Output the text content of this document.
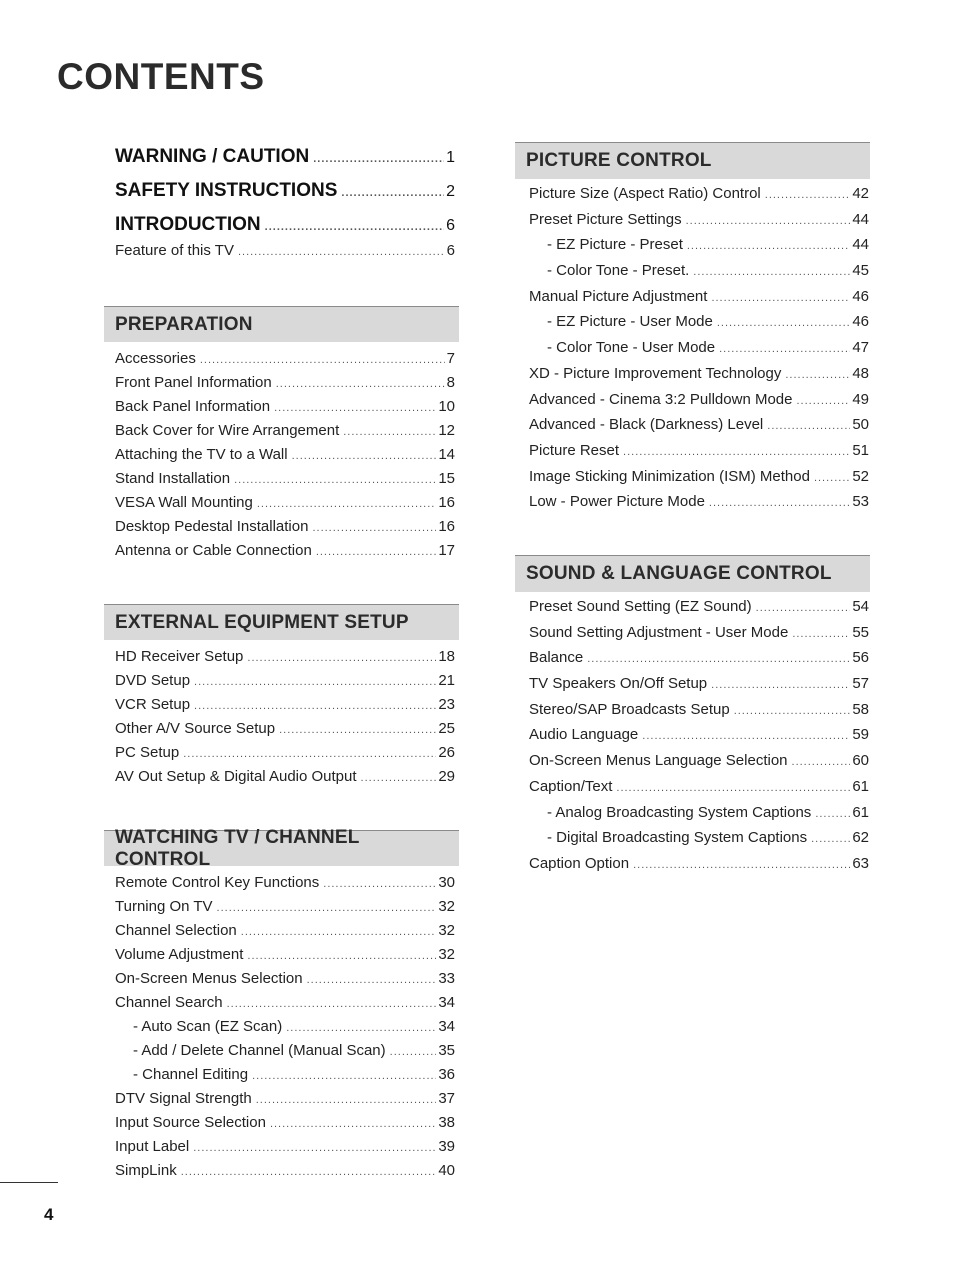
CONTENTS
WARNING / CAUTION .....	1
SAFETY INSTRUCTIONS .....	2
INTRODUCTION .....	6
Feature of this TV .....	6
PREPARATION
Accessories .....	7
Front Panel Information .....	8
Back Panel Information .....	10
Back Cover for Wire Arrangement .....	12
Attaching the TV to a Wall .....	14
Stand Installation .....	15
VESA Wall Mounting .....	16
Desktop Pedestal Installation .....	16
Antenna or Cable Connection .....	17
EXTERNAL EQUIPMENT SETUP
HD Receiver Setup .....	18
DVD Setup .....	21
VCR Setup .....	23
Other A/V Source Setup .....	25
PC Setup .....	26
AV Out Setup & Digital Audio Output .....	29
WATCHING TV / CHANNEL CONTROL
Remote Control Key Functions .....	30
Turning On TV .....	32
Channel Selection .....	32
Volume Adjustment .....	32
On-Screen Menus Selection .....	33
Channel Search .....	34
- Auto Scan (EZ Scan) .....	34
- Add / Delete Channel (Manual Scan) .....	35
- Channel Editing .....	36
DTV Signal Strength .....	37
Input Source Selection .....	38
Input Label .....	39
SimpLink .....	40
PICTURE CONTROL
Picture Size (Aspect Ratio) Control .....	42
Preset Picture Settings .....	44
- EZ Picture - Preset .....	44
- Color Tone - Preset. .....	45
Manual Picture Adjustment .....	46
- EZ Picture - User Mode .....	46
- Color Tone - User Mode .....	47
XD - Picture Improvement Technology .....	48
Advanced - Cinema 3:2 Pulldown Mode .....	49
Advanced - Black (Darkness) Level .....	50
Picture Reset .....	51
Image Sticking Minimization (ISM) Method .....	52
Low - Power Picture Mode .....	53
SOUND & LANGUAGE CONTROL
Preset Sound Setting (EZ Sound) .....	54
Sound Setting Adjustment - User Mode .....	55
Balance .....	56
TV Speakers On/Off Setup .....	57
Stereo/SAP Broadcasts Setup .....	58
Audio Language .....	59
On-Screen Menus Language Selection .....	60
Caption/Text .....	61
- Analog Broadcasting System Captions .....	61
- Digital Broadcasting System Captions .....	62
Caption Option .....	63
4
